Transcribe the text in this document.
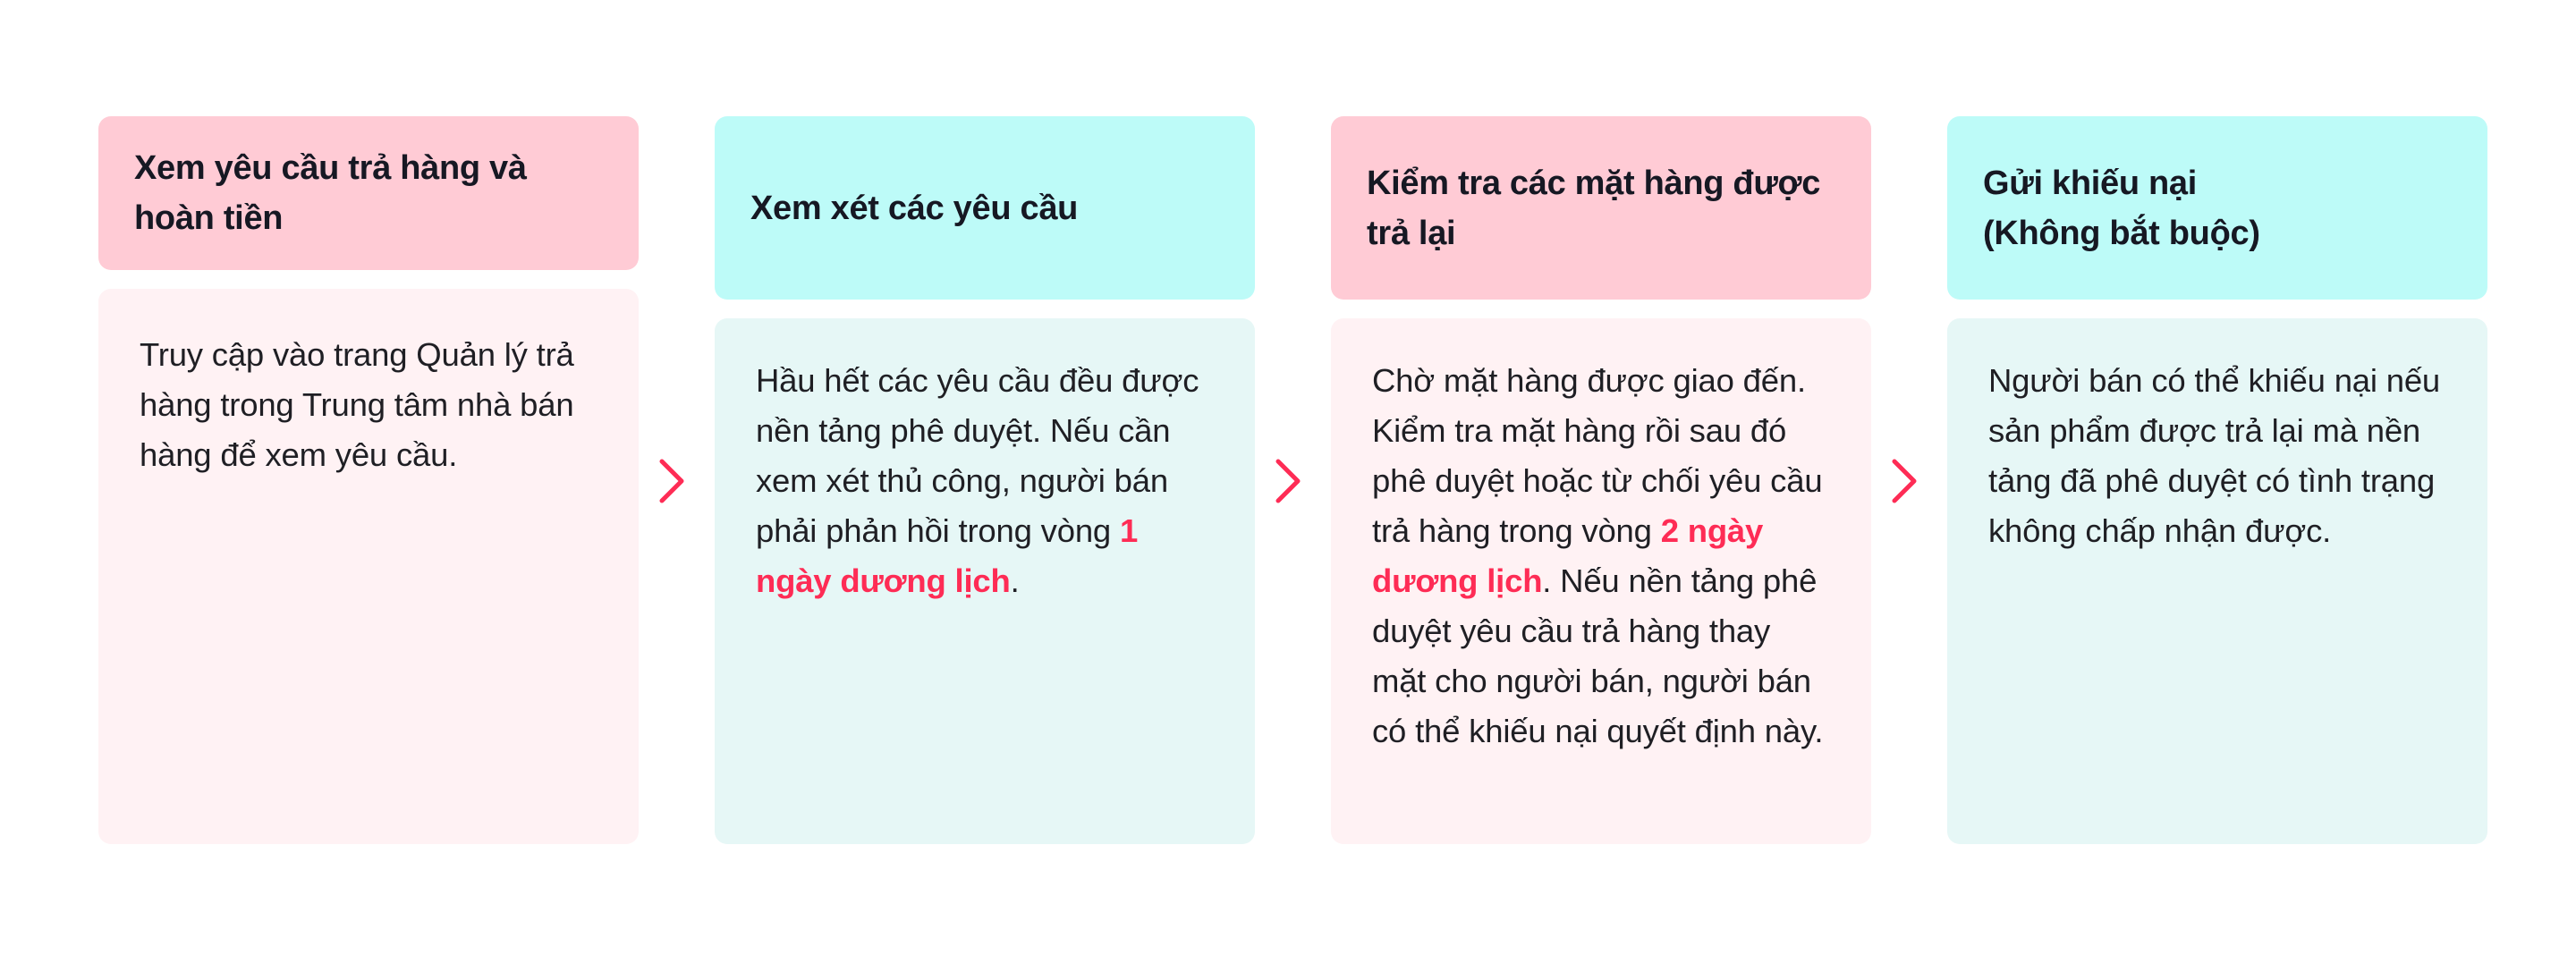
Xem yêu cầu trả hàng và
hoàn tiền
Truy cập vào trang Quản lý trả hàng trong Trung tâm nhà bán hàng để xem yêu cầu.
Xem xét các yêu cầu
Hầu hết các yêu cầu đều được nền tảng phê duyệt. Nếu cần xem xét thủ công, người bán phải phản hồi trong vòng 1 ngày dương lịch.
Kiểm tra các mặt hàng được
trả lại
Chờ mặt hàng được giao đến. Kiểm tra mặt hàng rồi sau đó phê duyệt hoặc từ chối yêu cầu trả hàng trong vòng 2 ngày dương lịch. Nếu nền tảng phê duyệt yêu cầu trả hàng thay mặt cho người bán, người bán có thể khiếu nại quyết định này.
Gửi khiếu nại
(Không bắt buộc)
Người bán có thể khiếu nại nếu sản phẩm được trả lại mà nền tảng đã phê duyệt có tình trạng không chấp nhận được.
